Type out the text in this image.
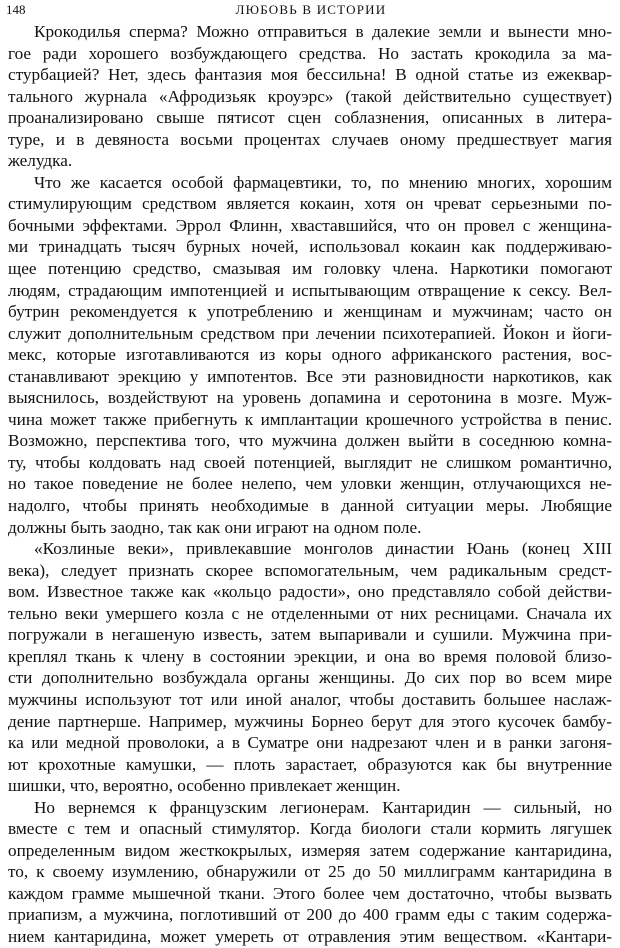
148	ЛЮБОВЬ В ИСТОРИИ
Крокодилья сперма? Можно отправиться в далекие земли и вынести мно-
гое ради хорошего возбуждающего средства. Но застать крокодила за ма-
стурбацией? Нет, здесь фантазия моя бессильна! В одной статье из ежеквар-
тального журнала «Афродизьяк кроуэрс» (такой действительно существует)
проанализировано свыше пятисот сцен соблазнения, описанных в литера-
туре, и в девяноста восьми процентах случаев оному предшествует магия
желудка.
Что же касается особой фармацевтики, то, по мнению многих, хорошим
стимулирующим средством является кокаин, хотя он чреват серьезными по-
бочными эффектами. Эррол Флинн, хваставшийся, что он провел с женщина-
ми тринадцать тысяч бурных ночей, использовал кокаин как поддерживаю-
щее потенцию средство, смазывая им головку члена. Наркотики помогают
людям, страдающим импотенцией и испытывающим отвращение к сексу. Вел-
бутрин рекомендуется к употреблению и женщинам и мужчинам; часто он
служит дополнительным средством при лечении психотерапией. Йокон и йоги-
мекс, которые изготавливаются из коры одного африканского растения, вос-
станавливают эрекцию у импотентов. Все эти разновидности наркотиков, как
выяснилось, воздействуют на уровень допамина и серотонина в мозге. Муж-
чина может также прибегнуть к имплантации крошечного устройства в пенис.
Возможно, перспектива того, что мужчина должен выйти в соседнюю комна-
ту, чтобы колдовать над своей потенцией, выглядит не слишком романтично,
но такое поведение не более нелепо, чем уловки женщин, отлучающихся не-
надолго, чтобы принять необходимые в данной ситуации меры. Любящие
должны быть заодно, так как они играют на одном поле.
«Козлиные веки», привлекавшие монголов династии Юань (конец XIII
века), следует признать скорее вспомогательным, чем радикальным средст-
вом. Известное также как «кольцо радости», оно представляло собой действи-
тельно веки умершего козла с не отделенными от них ресницами. Сначала их
погружали в негашеную известь, затем выпаривали и сушили. Мужчина при-
креплял ткань к члену в состоянии эрекции, и она во время половой близо-
сти дополнительно возбуждала органы женщины. До сих пор во всем мире
мужчины используют тот или иной аналог, чтобы доставить большее наслаж-
дение партнерше. Например, мужчины Борнео берут для этого кусочек бамбу-
ка или медной проволоки, а в Суматре они надрезают член и в ранки загоня-
ют крохотные камушки, — плоть зарастает, образуются как бы внутренние
шишки, что, вероятно, особенно привлекает женщин.
Но вернемся к французским легионерам. Кантаридин — сильный, но
вместе с тем и опасный стимулятор. Когда биологи стали кормить лягушек
определенным видом жесткокрылых, измеряя затем содержание кантаридина,
то, к своему изумлению, обнаружили от 25 до 50 миллиграмм кантаридина в
каждом грамме мышечной ткани. Этого более чем достаточно, чтобы вызвать
приапизм, а мужчина, поглотивший от 200 до 400 грамм еды с таким содержа-
нием кантаридина, может умереть от отравления этим веществом. «Кантари-
